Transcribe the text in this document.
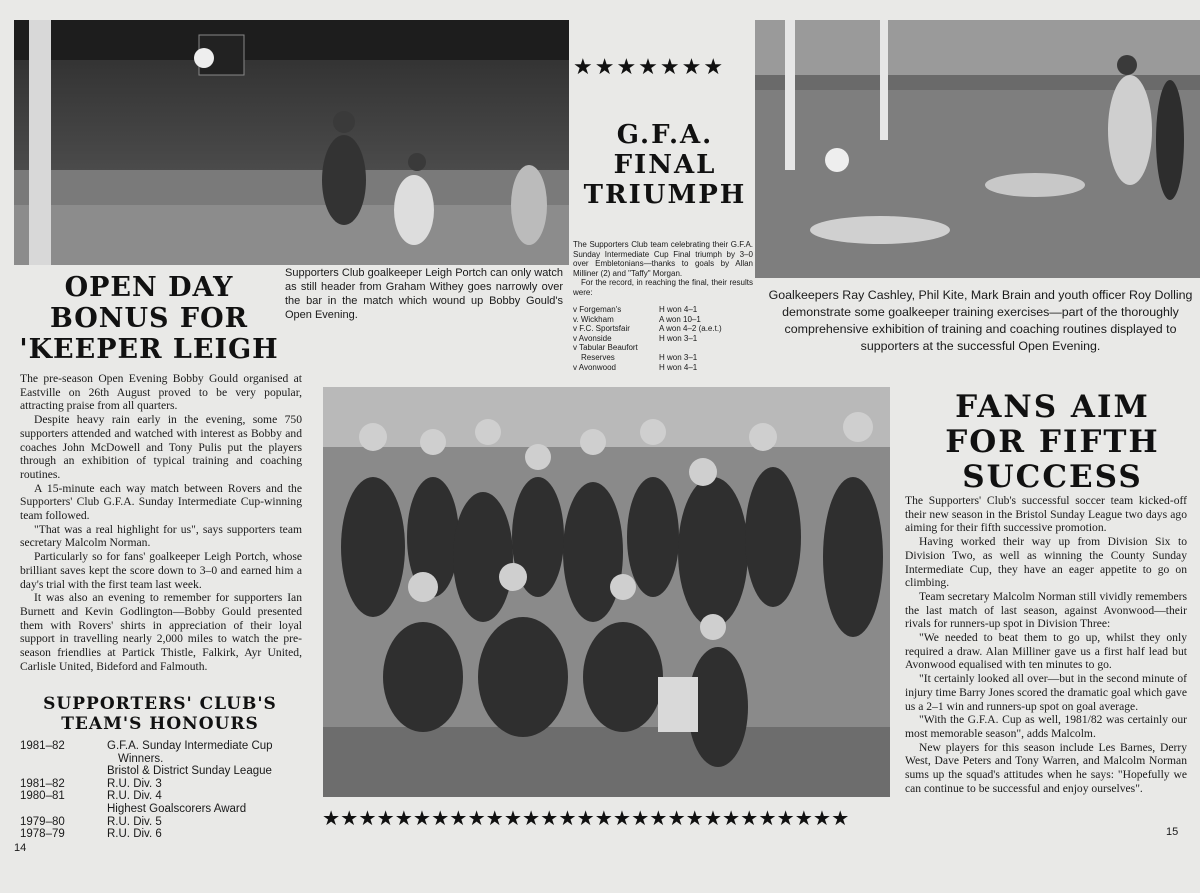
Supporters Club goalkeeper Leigh Portch can only watch as still header from Graham Withey goes narrowly over the bar in the match which wound up Bobby Gould's Open Evening.
★★★★★★★
G.F.A.
FINAL
TRIUMPH
The Supporters Club team celebrating their G.F.A. Sunday Intermediate Cup Final triumph by 3–0 over Embletonians—thanks to goals by Allan Milliner (2) and "Taffy" Morgan.
For the record, in reaching the final, their results were:
v Forgeman's	H won 4–1
v. Wickham	A won 10–1
v F.C. Sportsfair	A won 4–2 (a.e.t.)
v Avonside	H won 3–1
v Tabular Beaufort
Reserves	H won 3–1
v Avonwood	H won 4–1
Goalkeepers Ray Cashley, Phil Kite, Mark Brain and youth officer Roy Dolling demonstrate some goalkeeper training exercises—part of the thoroughly comprehensive exhibition of training and coaching routines displayed to supporters at the successful Open Evening.
OPEN DAY
BONUS FOR
'KEEPER LEIGH

The pre-season Open Evening Bobby Gould organised at Eastville on 26th August proved to be very popular, attracting praise from all quarters.

Despite heavy rain early in the evening, some 750 supporters attended and watched with interest as Bobby and coaches John McDowell and Tony Pulis put the players through an exhibition of typical training and coaching routines.

A 15-minute each way match between Rovers and the Supporters' Club G.F.A. Sunday Intermediate Cup-winning team followed.

"That was a real highlight for us", says supporters team secretary Malcolm Norman.

Particularly so for fans' goalkeeper Leigh Portch, whose brilliant saves kept the score down to 3–0 and earned him a day's trial with the first team last week.

It was also an evening to remember for supporters Ian Burnett and Kevin Godlington—Bobby Gould presented them with Rovers' shirts in appreciation of their loyal support in travelling nearly 2,000 miles to watch the pre-season friendlies at Partick Thistle, Falkirk, Ayr United, Carlisle United, Bideford and Falmouth.

SUPPORTERS' CLUB'S
TEAM'S HONOURS
1981–82	G.F.A. Sunday Intermediate Cup
Winners.
Bristol & District Sunday League
1981–82	R.U. Div. 3
1980–81	R.U. Div. 4
Highest Goalscorers Award
1979–80	R.U. Div. 5
1978–79	R.U. Div. 6
14
★★★★★★★★★★★★★★★★★★★★★★★★★★★★★
FANS AIM
FOR FIFTH
SUCCESS

The Supporters' Club's successful soccer team kicked-off their new season in the Bristol Sunday League two days ago aiming for their fifth successive promotion.

Having worked their way up from Division Six to Division Two, as well as winning the County Sunday Intermediate Cup, they have an eager appetite to go on climbing.

Team secretary Malcolm Norman still vividly remembers the last match of last season, against Avonwood—their rivals for runners-up spot in Division Three:

"We needed to beat them to go up, whilst they only required a draw. Alan Milliner gave us a first half lead but Avonwood equalised with ten minutes to go.

"It certainly looked all over—but in the second minute of injury time Barry Jones scored the dramatic goal which gave us a 2–1 win and runners-up spot on goal average.

"With the G.F.A. Cup as well, 1981/82 was certainly our most memorable season", adds Malcolm.

New players for this season include Les Barnes, Derry West, Dave Peters and Tony Warren, and Malcolm Norman sums up the squad's attitudes when he says: "Hopefully we can continue to be successful and enjoy ourselves".

15
